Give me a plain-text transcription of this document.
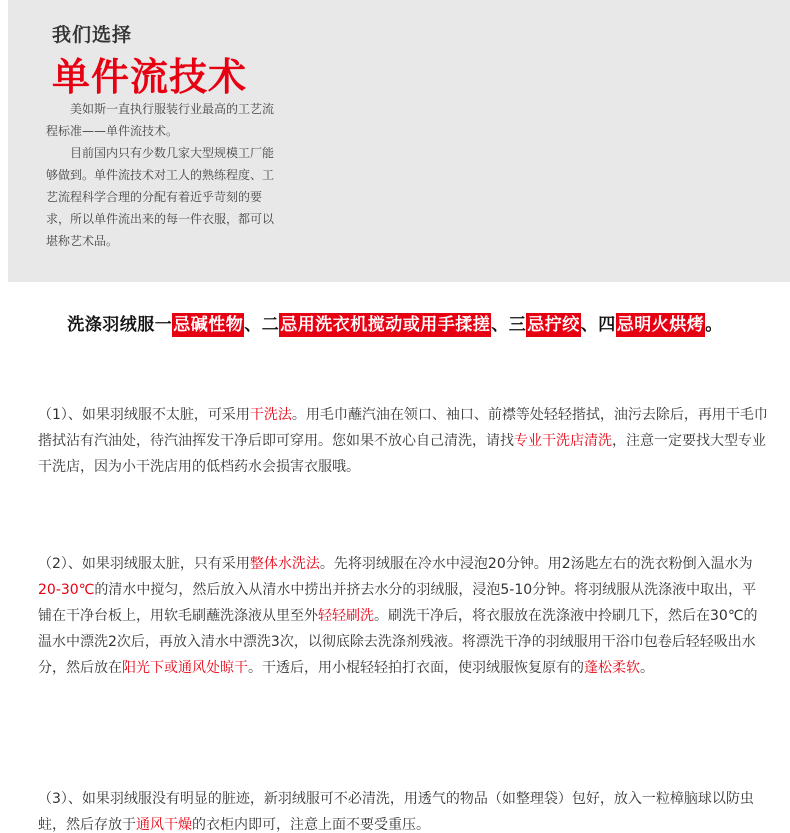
我们选择
单件流技术

美如斯一直执行服装行业最高的工艺流程标准——单件流技术。

目前国内只有少数几家大型规模工厂能够做到。单件流技术对工人的熟练程度、工艺流程科学合理的分配有着近乎苛刻的要求，所以单件流出来的每一件衣服，都可以堪称艺术品。

洗涤羽绒服一忌碱性物、二忌用洗衣机搅动或用手揉搓、三忌拧绞、四忌明火烘烤。

（1）、如果羽绒服不太脏，可采用干洗法。用毛巾蘸汽油在领口、袖口、前襟等处轻轻揩拭，油污去除后，再用干毛巾揩拭沾有汽油处，待汽油挥发干净后即可穿用。您如果不放心自己清洗，请找专业干洗店清洗，注意一定要找大型专业干洗店，因为小干洗店用的低档药水会损害衣服哦。

（2）、如果羽绒服太脏，只有采用整体水洗法。先将羽绒服在冷水中浸泡20分钟。用2汤匙左右的洗衣粉倒入温水为20-30℃的清水中搅匀，然后放入从清水中捞出并挤去水分的羽绒服，浸泡5-10分钟。将羽绒服从洗涤液中取出，平铺在干净台板上，用软毛刷蘸洗涤液从里至外轻轻刷洗。刷洗干净后，将衣服放在洗涤液中拎刷几下，然后在30℃的温水中漂洗2次后，再放入清水中漂洗3次，以彻底除去洗涤剂残液。将漂洗干净的羽绒服用干浴巾包卷后轻轻吸出水分，然后放在阳光下或通风处晾干。干透后，用小棍轻轻拍打衣面，使羽绒服恢复原有的蓬松柔软。

（3）、如果羽绒服没有明显的脏迹，新羽绒服可不必清洗，用透气的物品（如整理袋）包好，放入一粒樟脑球以防虫蛀，然后存放于通风干燥的衣柜内即可，注意上面不要受重压。
